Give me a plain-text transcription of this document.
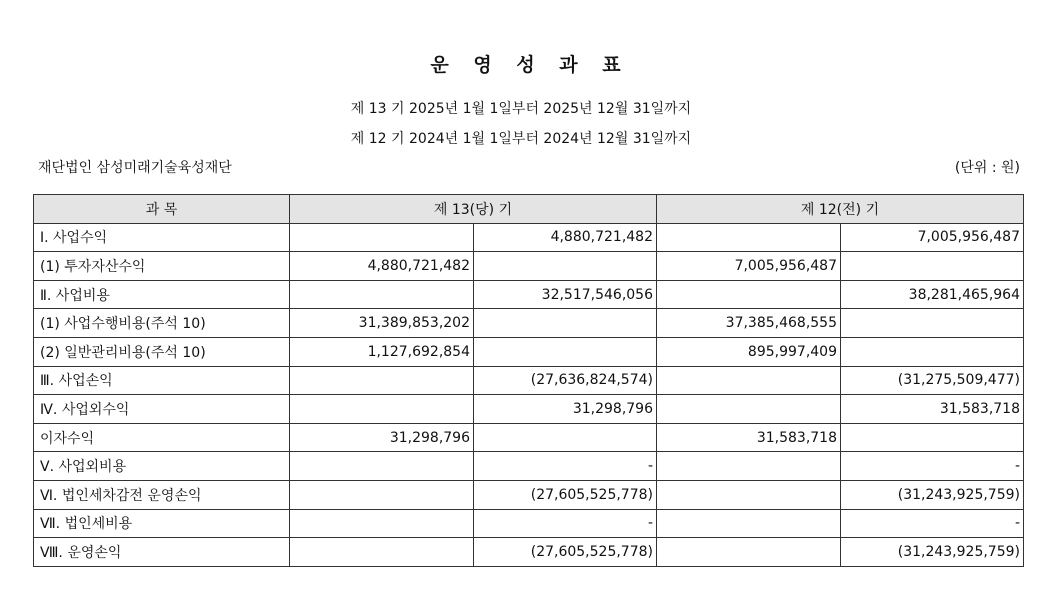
운 영 성 과 표
제 13 기 2025년 1월 1일부터 2025년 12월 31일까지
제 12 기 2024년 1월 1일부터 2024년 12월 31일까지
재단법인 삼성미래기술육성재단	(단위 : 원)
과 목	제 13(당) 기		제 12(전) 기	
Ⅰ. 사업수익		4,880,721,482		7,005,956,487
(1) 투자자산수익	4,880,721,482		7,005,956,487	
Ⅱ. 사업비용		32,517,546,056		38,281,465,964
(1) 사업수행비용(주석 10)	31,389,853,202		37,385,468,555	
(2) 일반관리비용(주석 10)	1,127,692,854		895,997,409	
Ⅲ. 사업손익		(27,636,824,574)		(31,275,509,477)
Ⅳ. 사업외수익		31,298,796		31,583,718
이자수익	31,298,796		31,583,718	
Ⅴ. 사업외비용		-		-
Ⅵ. 법인세차감전 운영손익		(27,605,525,778)		(31,243,925,759)
Ⅶ. 법인세비용		-		-
Ⅷ. 운영손익		(27,605,525,778)		(31,243,925,759)
